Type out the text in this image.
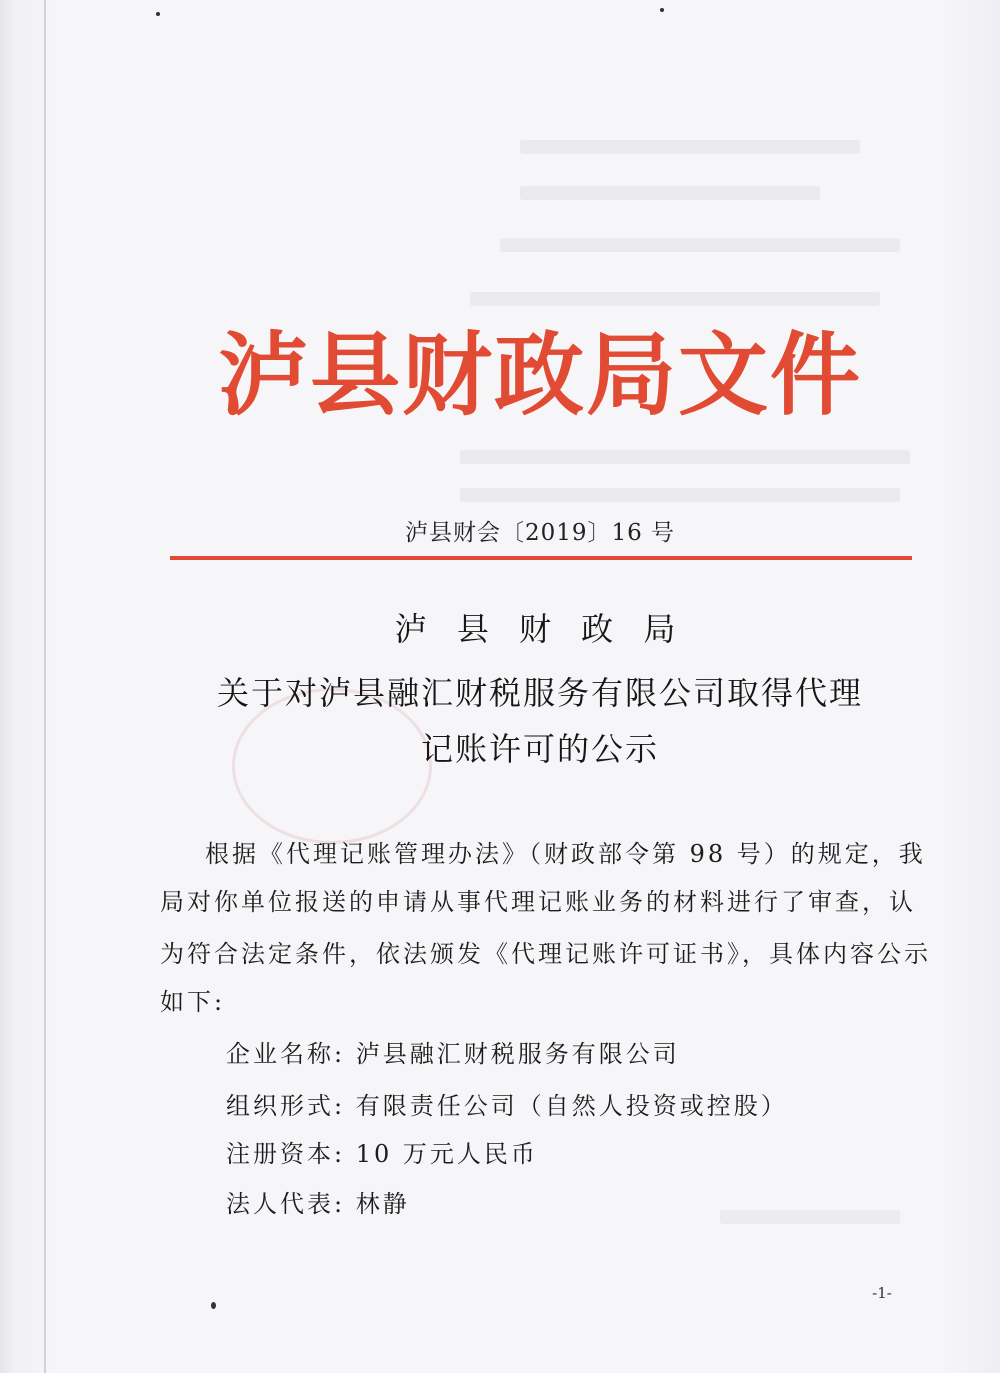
泸县财政局文件
泸县财会〔2019〕16 号
泸 县 财 政 局
关于对泸县融汇财税服务有限公司取得代理
记账许可的公示
根据《代理记账管理办法》（财政部令第 98 号）的规定，我
局对你单位报送的申请从事代理记账业务的材料进行了审查，认
为符合法定条件，依法颁发《代理记账许可证书》，具体内容公示
如下:
企业名称: 泸县融汇财税服务有限公司
组织形式: 有限责任公司（自然人投资或控股）
注册资本: 10 万元人民币
法人代表: 林静
-1-
